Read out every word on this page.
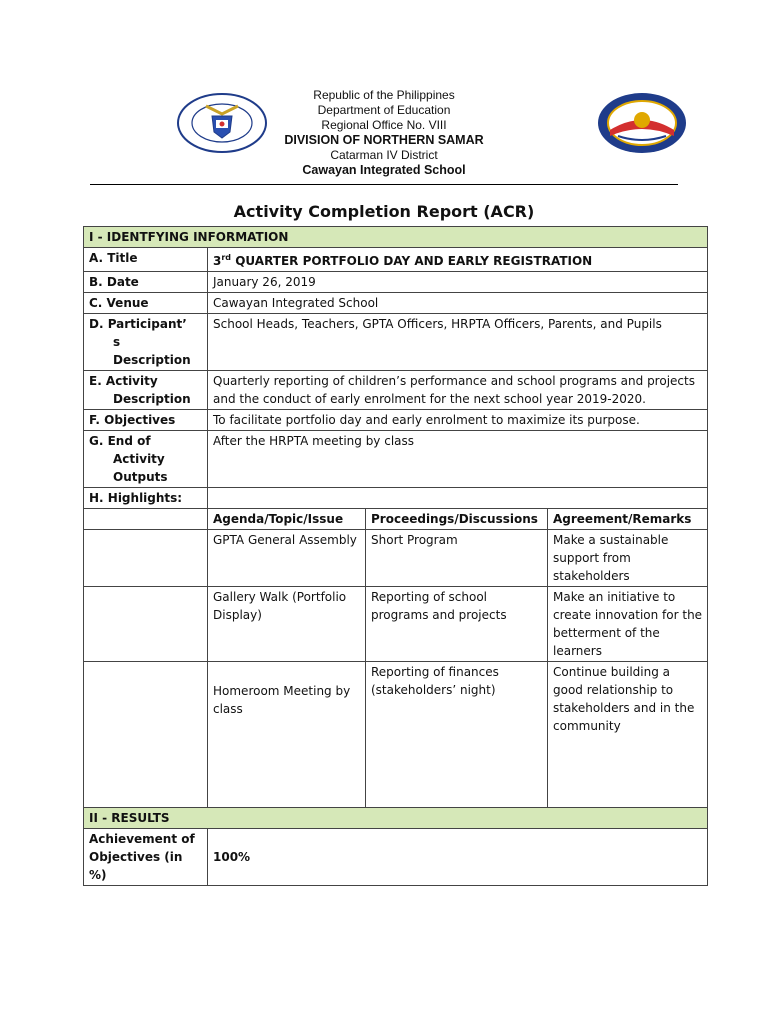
Republic of the Philippines
Department of Education
Regional Office No. VIII
DIVISION OF NORTHERN SAMAR
Catarman IV District
Cawayan Integrated School
Activity Completion Report (ACR)
I - IDENTFYING INFORMATION			
A. Title	3rd QUARTER PORTFOLIO DAY AND EARLY REGISTRATION		
B. Date	January 26, 2019		
C. Venue	Cawayan Integrated School		

D. Participant’
s
Description	School Heads, Teachers, GPTA Officers, HRPTA Officers, Parents, and Pupils		

E. Activity
Description	Quarterly reporting of children’s performance and school programs and projects and the conduct of early enrolment for the next school year 2019-2020.		
F. Objectives	To facilitate portfolio day and early enrolment to maximize its purpose.		

G. End of
Activity
Outputs	After the HRPTA meeting by class		
H. Highlights:			
	Agenda/Topic/Issue	Proceedings/Discussions	Agreement/Remarks
	GPTA General Assembly	Short Program	Make a sustainable support from stakeholders
	Gallery Walk (Portfolio Display)	Reporting of school programs and projects	Make an initiative to create innovation for the betterment of the learners
	Homeroom Meeting by class	Reporting of finances (stakeholders’ night)	Continue building a good relationship to stakeholders and in the community
II - RESULTS			
Achievement of Objectives (in %)	100%		
